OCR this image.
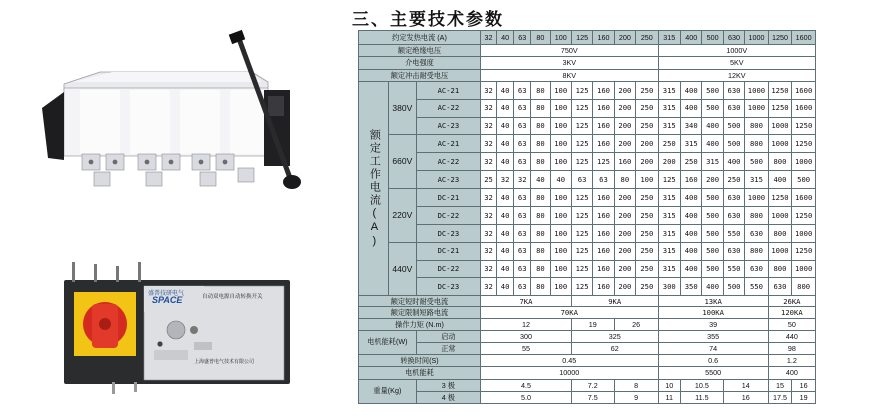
三、主要技术参数
盛普技研电气
SPACE	自动双电源自动转换开关
上海盛普电气技术有限公司
约定发热电流 (A)			32	40	63	80	100	125	160	200	250	315	400	500	630	1000	1250	1600
额定绝缘电压			750V									1000V						
介电强度			3KV									5KV						
额定冲击耐受电压			8KV									12KV						
额定工作电流(A)	380V	AC-21	32	40	63	80	100	125	160	200	250	315	400	500	630	1000	1250	1600
		AC-22	32	40	63	80	100	125	160	200	250	315	400	500	630	1000	1250	1600
		AC-23	32	40	63	80	100	125	160	200	250	315	340	400	500	800	1000	1250
	660V	AC-21	32	40	63	80	100	125	160	200	200	250	315	400	500	800	1000	1250
		AC-22	32	40	63	80	100	125	125	160	200	200	250	315	400	500	800	1000
		AC-23	25	32	32	40	40	63	63	80	100	125	160	200	250	315	400	500
	220V	DC-21	32	40	63	80	100	125	160	200	250	315	400	500	630	1000	1250	1600
		DC-22	32	40	63	80	100	125	160	200	250	315	400	500	630	800	1000	1250
		DC-23	32	40	63	80	100	125	160	200	250	315	400	500	550	630	800	1000
	440V	DC-21	32	40	63	80	100	125	160	200	250	315	400	500	630	800	1000	1250
		DC-22	32	40	63	80	100	125	160	200	250	315	400	500	550	630	800	1000
		DC-23	32	40	63	80	100	125	160	200	250	300	350	400	500	550	630	800
额定短时耐受电流			7KA					9KA				13KA					26KA	
额定限制短路电流			70KA									100KA					120KA	
操作力矩 (N.m)			12					19		26		39					50	
电机能耗(W)		启动	300					325				355					440	
		正常	55					62				74					98	
转换时间(S)			0.45									0.6					1.2	
电机能耗			10000									5500					400	
重量(Kg)		3 极	4.5					7.2		8		10	10.5		14		15	16
		4 极	5.0					7.5		9		11	11.5		16		17.5	19
